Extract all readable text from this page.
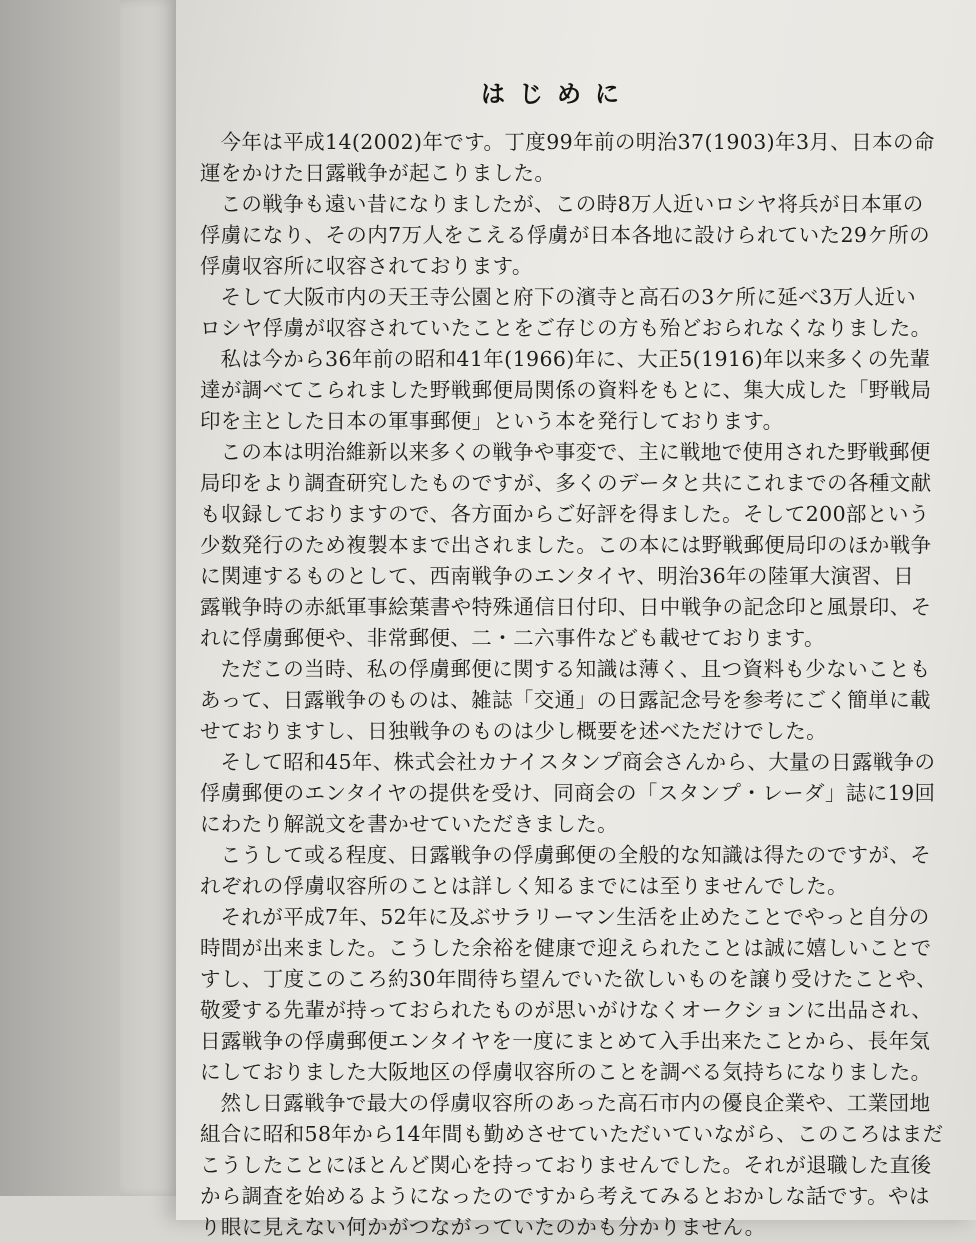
はじめに

今年は平成14(2002)年です。丁度99年前の明治37(1903)年3月、日本の命
運をかけた日露戦争が起こりました。

この戦争も遠い昔になりましたが、この時8万人近いロシヤ将兵が日本軍の
俘虜になり、その内7万人をこえる俘虜が日本各地に設けられていた29ケ所の
俘虜収容所に収容されております。

そして大阪市内の天王寺公園と府下の濱寺と高石の3ケ所に延べ3万人近い
ロシヤ俘虜が収容されていたことをご存じの方も殆どおられなくなりました。

私は今から36年前の昭和41年(1966)年に、大正5(1916)年以来多くの先輩
達が調べてこられました野戦郵便局関係の資料をもとに、集大成した「野戦局
印を主とした日本の軍事郵便」という本を発行しております。

この本は明治維新以来多くの戦争や事変で、主に戦地で使用された野戦郵便
局印をより調査研究したものですが、多くのデータと共にこれまでの各種文献
も収録しておりますので、各方面からご好評を得ました。そして200部という
少数発行のため複製本まで出されました。この本には野戦郵便局印のほか戦争
に関連するものとして、西南戦争のエンタイヤ、明治36年の陸軍大演習、日
露戦争時の赤紙軍事絵葉書や特殊通信日付印、日中戦争の記念印と風景印、そ
れに俘虜郵便や、非常郵便、二・二六事件なども載せております。

ただこの当時、私の俘虜郵便に関する知識は薄く、且つ資料も少ないことも
あって、日露戦争のものは、雑誌「交通」の日露記念号を参考にごく簡単に載
せておりますし、日独戦争のものは少し概要を述べただけでした。

そして昭和45年、株式会社カナイスタンプ商会さんから、大量の日露戦争の
俘虜郵便のエンタイヤの提供を受け、同商会の「スタンプ・レーダ」誌に19回
にわたり解説文を書かせていただきました。

こうして或る程度、日露戦争の俘虜郵便の全般的な知識は得たのですが、そ
れぞれの俘虜収容所のことは詳しく知るまでには至りませんでした。

それが平成7年、52年に及ぶサラリーマン生活を止めたことでやっと自分の
時間が出来ました。こうした余裕を健康で迎えられたことは誠に嬉しいことで
すし、丁度このころ約30年間待ち望んでいた欲しいものを譲り受けたことや、
敬愛する先輩が持っておられたものが思いがけなくオークションに出品され、
日露戦争の俘虜郵便エンタイヤを一度にまとめて入手出来たことから、長年気
にしておりました大阪地区の俘虜収容所のことを調べる気持ちになりました。

然し日露戦争で最大の俘虜収容所のあった高石市内の優良企業や、工業団地
組合に昭和58年から14年間も勤めさせていただいていながら、このころはまだ
こうしたことにほとんど関心を持っておりませんでした。それが退職した直後
から調査を始めるようになったのですから考えてみるとおかしな話です。やは
り眼に見えない何かがつながっていたのかも分かりません。
